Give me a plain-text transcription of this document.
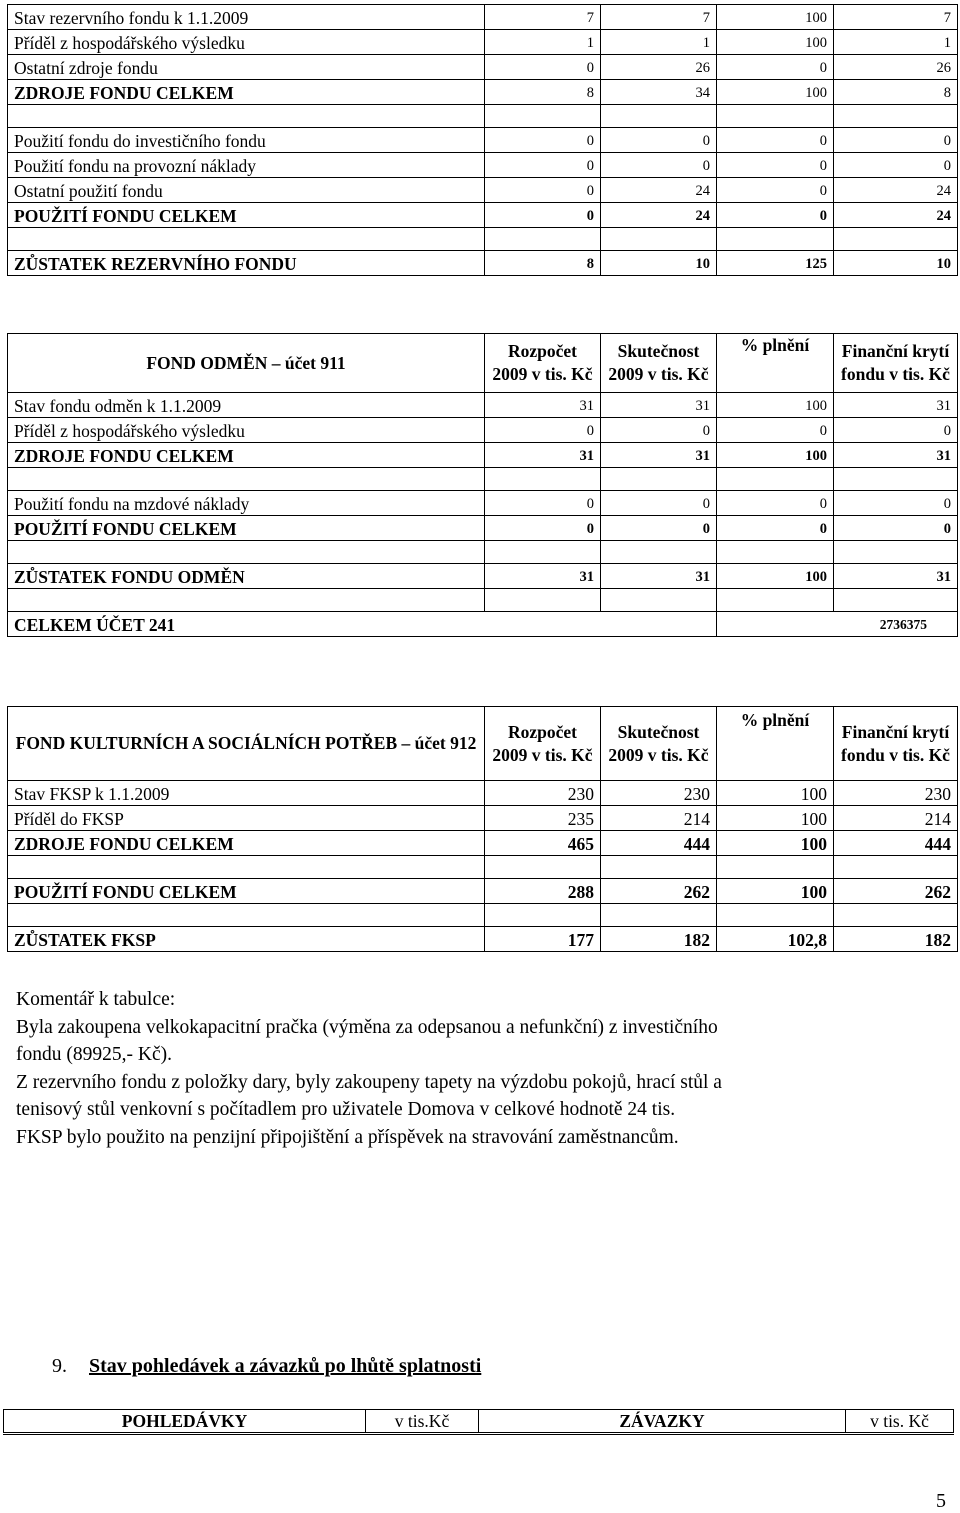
Stav rezervního fondu k 1.1.2009	7	7	100	7
Příděl z hospodářského výsledku	1	1	100	1
Ostatní zdroje fondu	0	26	0	26
ZDROJE FONDU CELKEM	8	34	100	8

Použití fondu do investičního fondu	0	0	0	0
Použití fondu na provozní náklady	0	0	0	0
Ostatní použití fondu	0	24	0	24
POUŽITÍ FONDU CELKEM	0	24	0	24

ZŮSTATEK REZERVNÍHO FONDU	8	10	125	10
FOND ODMĚN – účet 911	Rozpočet 2009 v tis. Kč	Skutečnost 2009 v tis. Kč	% plnění	Finanční krytí fondu v tis. Kč
Stav fondu odměn k 1.1.2009	31	31	100	31
Příděl z hospodářského výsledku	0	0	0	0
ZDROJE FONDU CELKEM	31	31	100	31

Použití fondu na mzdové náklady	0	0	0	0
POUŽITÍ FONDU CELKEM	0	0	0	0

ZŮSTATEK FONDU ODMĚN	31	31	100	31

CELKEM ÚČET 241			2736375	
FOND KULTURNÍCH A SOCIÁLNÍCH POTŘEB – účet 912	Rozpočet 2009 v tis. Kč	Skutečnost 2009 v tis. Kč	% plnění	Finanční krytí fondu v tis. Kč
Stav FKSP k 1.1.2009	230	230	100	230
Příděl do FKSP	235	214	100	214
ZDROJE FONDU CELKEM	465	444	100	444

POUŽITÍ FONDU CELKEM	288	262	100	262

ZŮSTATEK FKSP	177	182	102,8	182
Komentář k tabulce:
Byla zakoupena velkokapacitní pračka (výměna za odepsanou a nefunkční) z investičního
fondu (89925,- Kč).
Z rezervního fondu z položky dary, byly zakoupeny tapety na výzdobu pokojů, hrací stůl a
tenisový stůl venkovní s počítadlem pro uživatele Domova v celkové hodnotě 24 tis.
FKSP bylo použito na penzijní připojištění a příspěvek na stravování zaměstnancům.
9. Stav pohledávek a závazků po lhůtě splatnosti
POHLEDÁVKY	v tis.Kč	ZÁVAZKY	v tis. Kč
5
